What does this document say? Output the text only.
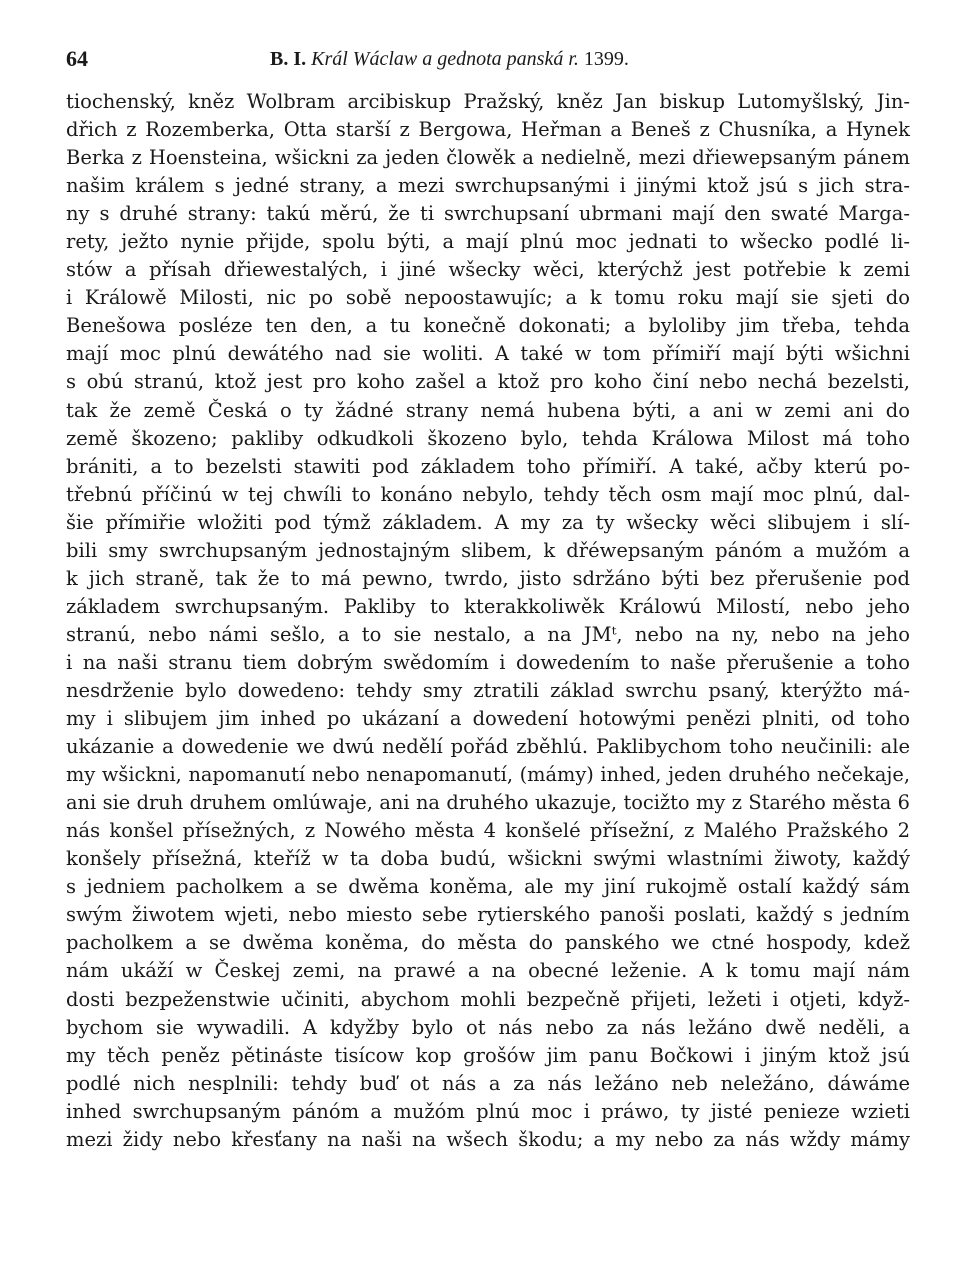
64	B. I. Král Wáclaw a gednota panská r. 1399.
tiochenský, kněz Wolbram arcibiskup Pražský, kněz Jan biskup Lutomyšlský, Jin-
dřich z Rozemberka, Otta starší z Bergowa, Heřman a Beneš z Chusníka, a Hynek
Berka z Hoensteina, wšickni za jeden člowěk a nedielně, mezi dřiewepsaným pánem
našim králem s jedné strany, a mezi swrchupsanými i jinými ktož jsú s jich stra-
ny s druhé strany: takú měrú, že ti swrchupsaní ubrmani mají den swaté Marga-
rety, ježto nynie přijde, spolu býti, a mají plnú moc jednati to wšecko podlé li-
stów a přísah dřiewestalých, i jiné wšecky wěci, kterýchž jest potřebie k zemi
i Králowě Milosti, nic po sobě nepoostawujíc; a k tomu roku mají sie sjeti do
Benešowa posléze ten den, a tu konečně dokonati; a byloliby jim třeba, tehda
mají moc plnú dewátého nad sie woliti. A také w tom přímiří mají býti wšichni
s obú stranú, ktož jest pro koho zašel a ktož pro koho činí nebo nechá bezelsti,
tak že země Česká o ty žádné strany nemá hubena býti, a ani w zemi ani do
země škozeno; pakliby odkudkoli škozeno bylo, tehda Králowa Milost má toho
brániti, a to bezelsti stawiti pod základem toho přímiří. A také, ačby kterú po-
třebnú příčinú w tej chwíli to konáno nebylo, tehdy těch osm mají moc plnú, dal-
šie přímiřie wložiti pod týmž základem. A my za ty wšecky wěci slibujem i slí-
bili smy swrchupsaným jednostajným slibem, k dřéwepsaným pánóm a mužóm a
k jich straně, tak že to má pewno, twrdo, jisto sdržáno býti bez přerušenie pod
základem swrchupsaným. Pakliby to kterakkoliwěk Králowú Milostí, nebo jeho
stranú, nebo námi sešlo, a to sie nestalo, a na JMᵗ, nebo na ny, nebo na jeho
i na naši stranu tiem dobrým swědomím i dowedením to naše přerušenie a toho
nesdrženie bylo dowedeno: tehdy smy ztratili základ swrchu psaný, kterýžto má-
my i slibujem jim inhed po ukázaní a dowedení hotowými penězi plniti, od toho
ukázanie a dowedenie we dwú nedělí pořád zběhlú. Paklibychom toho neučinili: ale
my wšickni, napomanutí nebo nenapomanutí, (mámy) inhed, jeden druhého nečekaje,
ani sie druh druhem omlúwaje, ani na druhého ukazuje, tocižto my z Starého města 6
nás konšel přísežných, z Nowého města 4 konšelé přísežní, z Malého Pražského 2
konšely přísežná, kteříž w ta doba budú, wšickni swými wlastními žiwoty, každý
s jedniem pacholkem a se dwěma koněma, ale my jiní rukojmě ostalí každý sám
swým žiwotem wjeti, nebo miesto sebe rytierského panoši poslati, každý s jedním
pacholkem a se dwěma koněma, do města do panského we ctné hospody, kdež
nám ukáží w Českej zemi, na prawé a na obecné leženie. A k tomu mají nám
dosti bezpeženstwie učiniti, abychom mohli bezpečně přijeti, ležeti i otjeti, když-
bychom sie wywadili. A kdyžby bylo ot nás nebo za nás ležáno dwě neděli, a
my těch peněz pětináste tisícow kop grošów jim panu Bočkowi i jiným ktož jsú
podlé nich nesplnili: tehdy buď ot nás a za nás ležáno neb neležáno, dáwáme
inhed swrchupsaným pánóm a mužóm plnú moc i práwo, ty jisté penieze wzieti
mezi židy nebo křesťany na naši na wšech škodu; a my nebo za nás wždy mámy
